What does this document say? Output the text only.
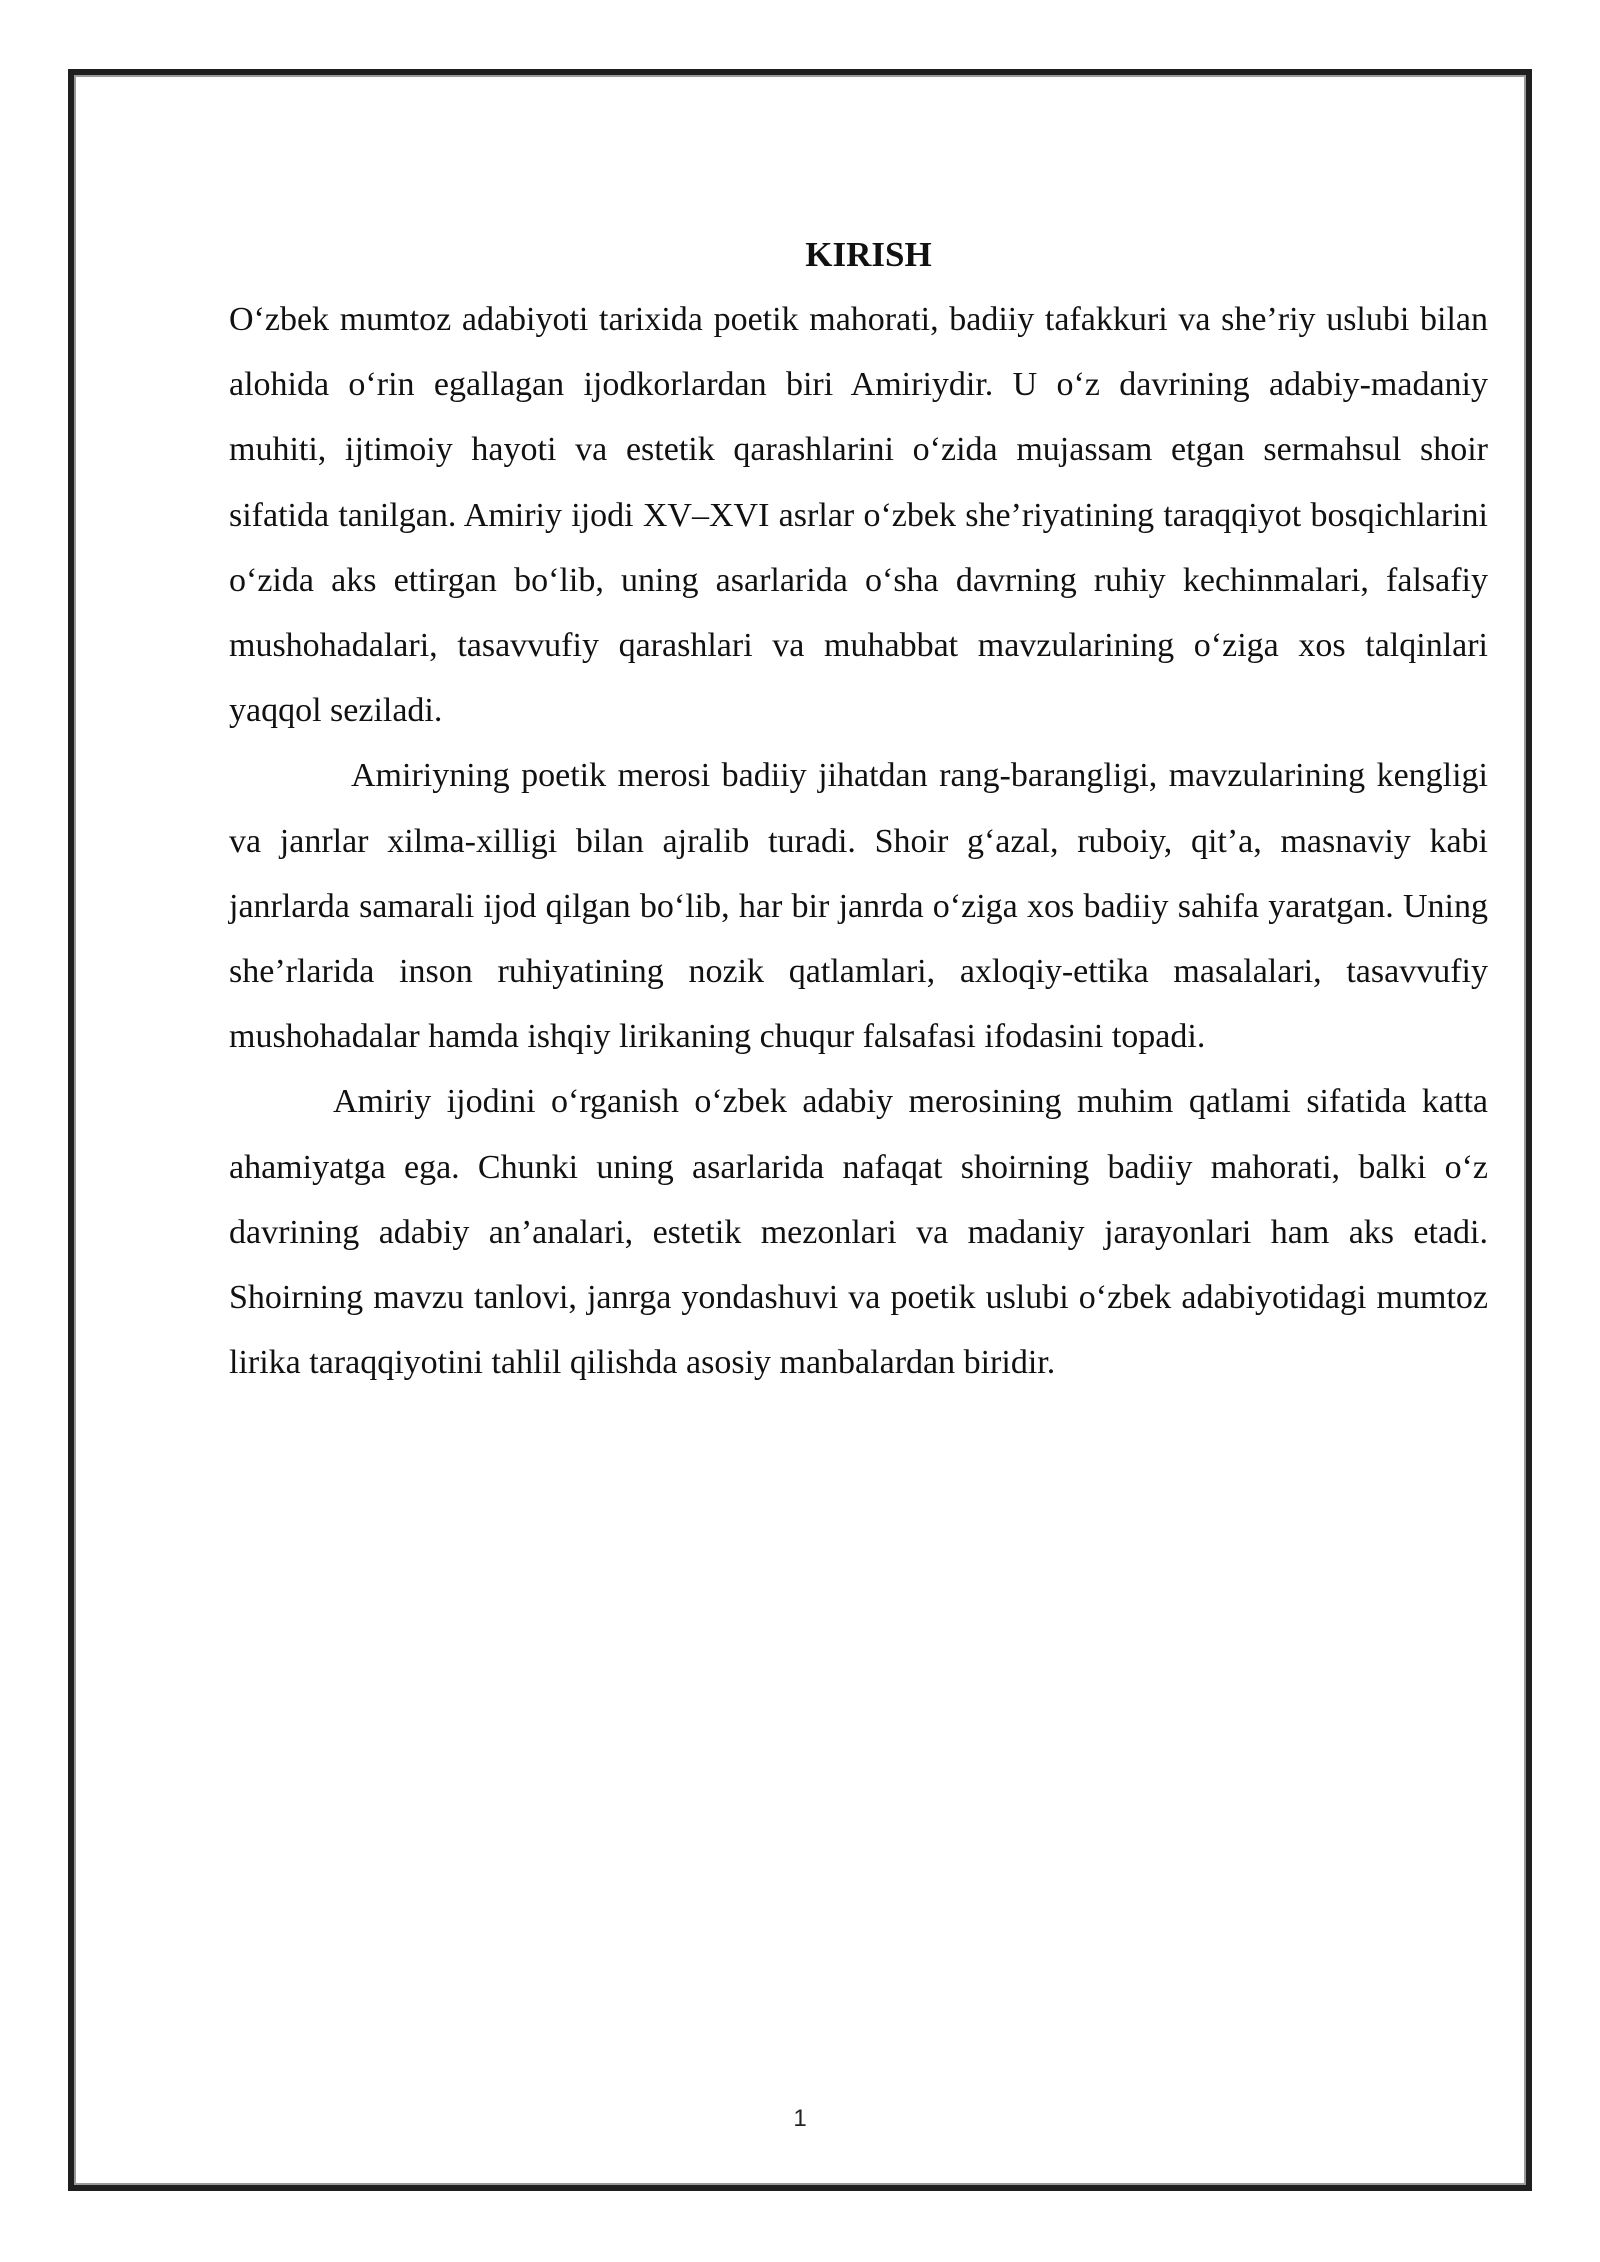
KIRISH

O‘zbek mumtoz adabiyoti tarixida poetik mahorati, badiiy tafakkuri va she’riy uslubi bilan alohida o‘rin egallagan ijodkorlardan biri Amiriydir. U o‘z davrining adabiy-madaniy muhiti, ijtimoiy hayoti va estetik qarashlarini o‘zida mujassam etgan sermahsul shoir sifatida tanilgan. Amiriy ijodi XV–XVI asrlar o‘zbek she’riyatining taraqqiyot bosqichlarini o‘zida aks ettirgan bo‘lib, uning asarlarida o‘sha davrning ruhiy kechinmalari, falsafiy mushohadalari, tasavvufiy qarashlari va muhabbat mavzularining o‘ziga xos talqinlari yaqqol seziladi.

Amiriyning poetik merosi badiiy jihatdan rang-barangligi, mavzularining kengligi va janrlar xilma-xilligi bilan ajralib turadi. Shoir g‘azal, ruboiy, qit’a, masnaviy kabi janrlarda samarali ijod qilgan bo‘lib, har bir janrda o‘ziga xos badiiy sahifa yaratgan. Uning she’rlarida inson ruhiyatining nozik qatlamlari, axloqiy-ettika masalalari, tasavvufiy mushohadalar hamda ishqiy lirikaning chuqur falsafasi ifodasini topadi.

Amiriy ijodini o‘rganish o‘zbek adabiy merosining muhim qatlami sifatida katta ahamiyatga ega. Chunki uning asarlarida nafaqat shoirning badiiy mahorati, balki o‘z davrining adabiy an’analari, estetik mezonlari va madaniy jarayonlari ham aks etadi. Shoirning mavzu tanlovi, janrga yondashuvi va poetik uslubi o‘zbek adabiyotidagi mumtoz lirika taraqqiyotini tahlil qilishda asosiy manbalardan biridir.

1
